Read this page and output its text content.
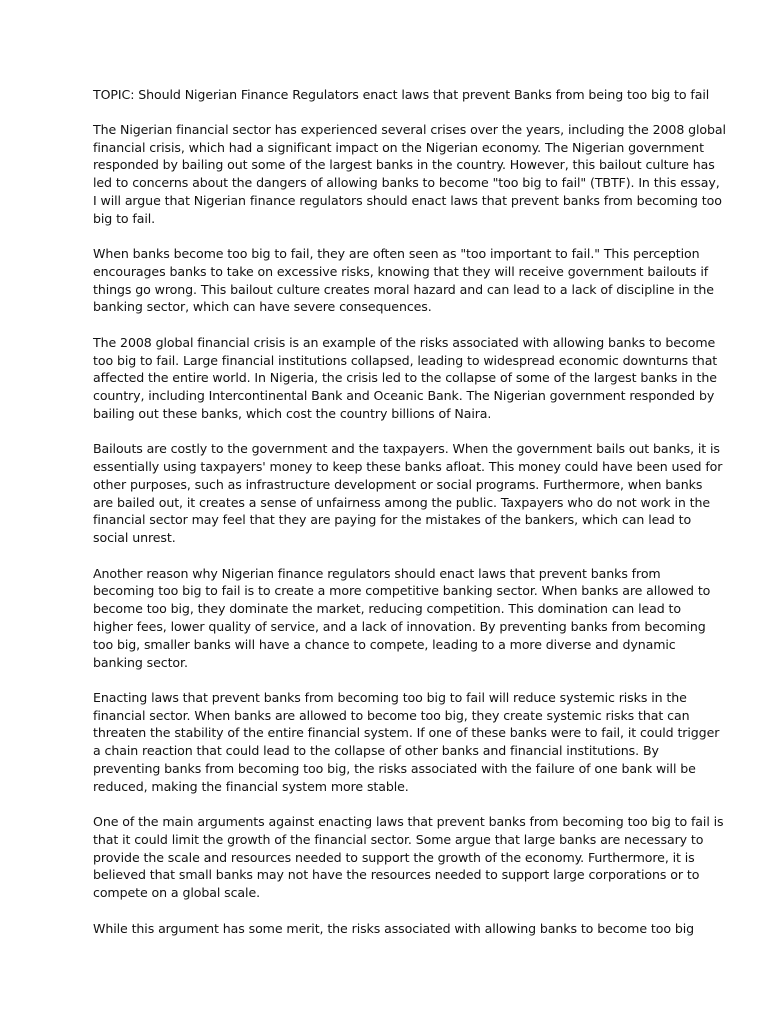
TOPIC: Should Nigerian Finance Regulators enact laws that prevent Banks from being too big to fail
The Nigerian financial sector has experienced several crises over the years, including the 2008 global
financial crisis, which had a significant impact on the Nigerian economy. The Nigerian government
responded by bailing out some of the largest banks in the country. However, this bailout culture has
led to concerns about the dangers of allowing banks to become "too big to fail" (TBTF). In this essay,
I will argue that Nigerian finance regulators should enact laws that prevent banks from becoming too
big to fail.
When banks become too big to fail, they are often seen as "too important to fail." This perception
encourages banks to take on excessive risks, knowing that they will receive government bailouts if
things go wrong. This bailout culture creates moral hazard and can lead to a lack of discipline in the
banking sector, which can have severe consequences.
The 2008 global financial crisis is an example of the risks associated with allowing banks to become
too big to fail. Large financial institutions collapsed, leading to widespread economic downturns that
affected the entire world. In Nigeria, the crisis led to the collapse of some of the largest banks in the
country, including Intercontinental Bank and Oceanic Bank. The Nigerian government responded by
bailing out these banks, which cost the country billions of Naira.
Bailouts are costly to the government and the taxpayers. When the government bails out banks, it is
essentially using taxpayers' money to keep these banks afloat. This money could have been used for
other purposes, such as infrastructure development or social programs. Furthermore, when banks
are bailed out, it creates a sense of unfairness among the public. Taxpayers who do not work in the
financial sector may feel that they are paying for the mistakes of the bankers, which can lead to
social unrest.
Another reason why Nigerian finance regulators should enact laws that prevent banks from
becoming too big to fail is to create a more competitive banking sector. When banks are allowed to
become too big, they dominate the market, reducing competition. This domination can lead to
higher fees, lower quality of service, and a lack of innovation. By preventing banks from becoming
too big, smaller banks will have a chance to compete, leading to a more diverse and dynamic
banking sector.
Enacting laws that prevent banks from becoming too big to fail will reduce systemic risks in the
financial sector. When banks are allowed to become too big, they create systemic risks that can
threaten the stability of the entire financial system. If one of these banks were to fail, it could trigger
a chain reaction that could lead to the collapse of other banks and financial institutions. By
preventing banks from becoming too big, the risks associated with the failure of one bank will be
reduced, making the financial system more stable.
One of the main arguments against enacting laws that prevent banks from becoming too big to fail is
that it could limit the growth of the financial sector. Some argue that large banks are necessary to
provide the scale and resources needed to support the growth of the economy. Furthermore, it is
believed that small banks may not have the resources needed to support large corporations or to
compete on a global scale.
While this argument has some merit, the risks associated with allowing banks to become too big
